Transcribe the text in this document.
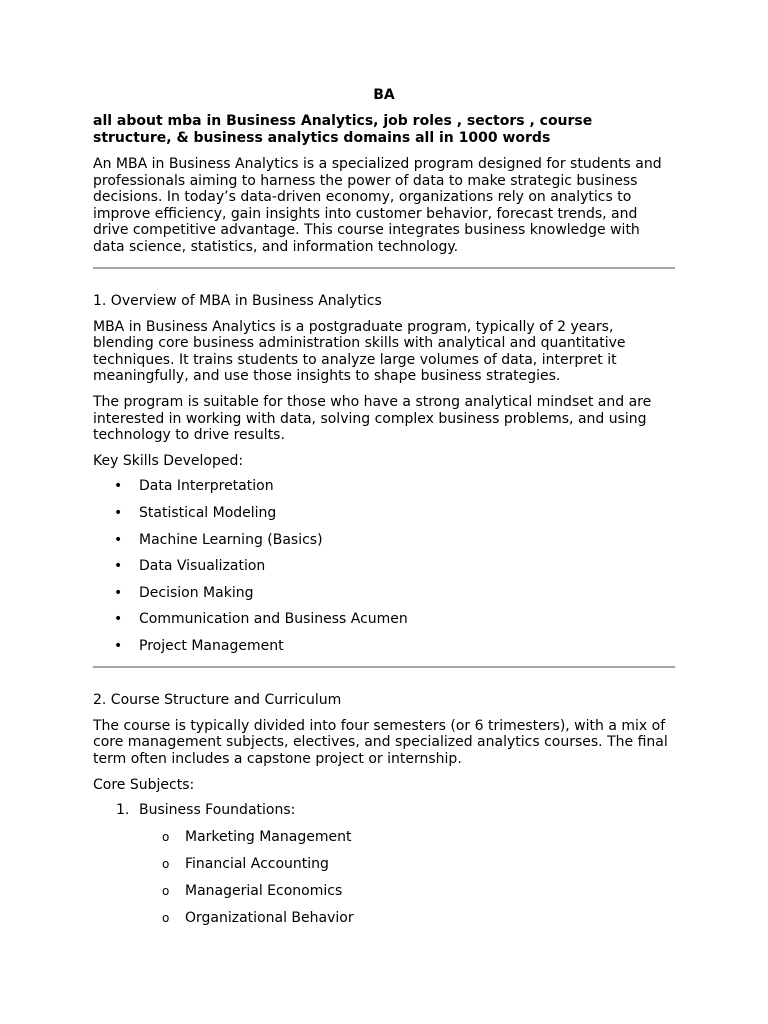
BA
all about mba in Business Analytics, job roles , sectors , course structure, & business analytics domains all in 1000 words

An MBA in Business Analytics is a specialized program designed for students and professionals aiming to harness the power of data to make strategic business decisions. In today’s data-driven economy, organizations rely on analytics to improve efficiency, gain insights into customer behavior, forecast trends, and drive competitive advantage. This course integrates business knowledge with data science, statistics, and information technology.

1. Overview of MBA in Business Analytics

MBA in Business Analytics is a postgraduate program, typically of 2 years, blending core business administration skills with analytical and quantitative techniques. It trains students to analyze large volumes of data, interpret it meaningfully, and use those insights to shape business strategies.

The program is suitable for those who have a strong analytical mindset and are interested in working with data, solving complex business problems, and using technology to drive results.

Key Skills Developed:

• Data Interpretation
• Statistical Modeling
• Machine Learning (Basics)
• Data Visualization
• Decision Making
• Communication and Business Acumen
• Project Management
2. Course Structure and Curriculum

The course is typically divided into four semesters (or 6 trimesters), with a mix of core management subjects, electives, and specialized analytics courses. The final term often includes a capstone project or internship.

Core Subjects:

1. Business Foundations:
o Marketing Management
o Financial Accounting
o Managerial Economics
o Organizational Behavior
